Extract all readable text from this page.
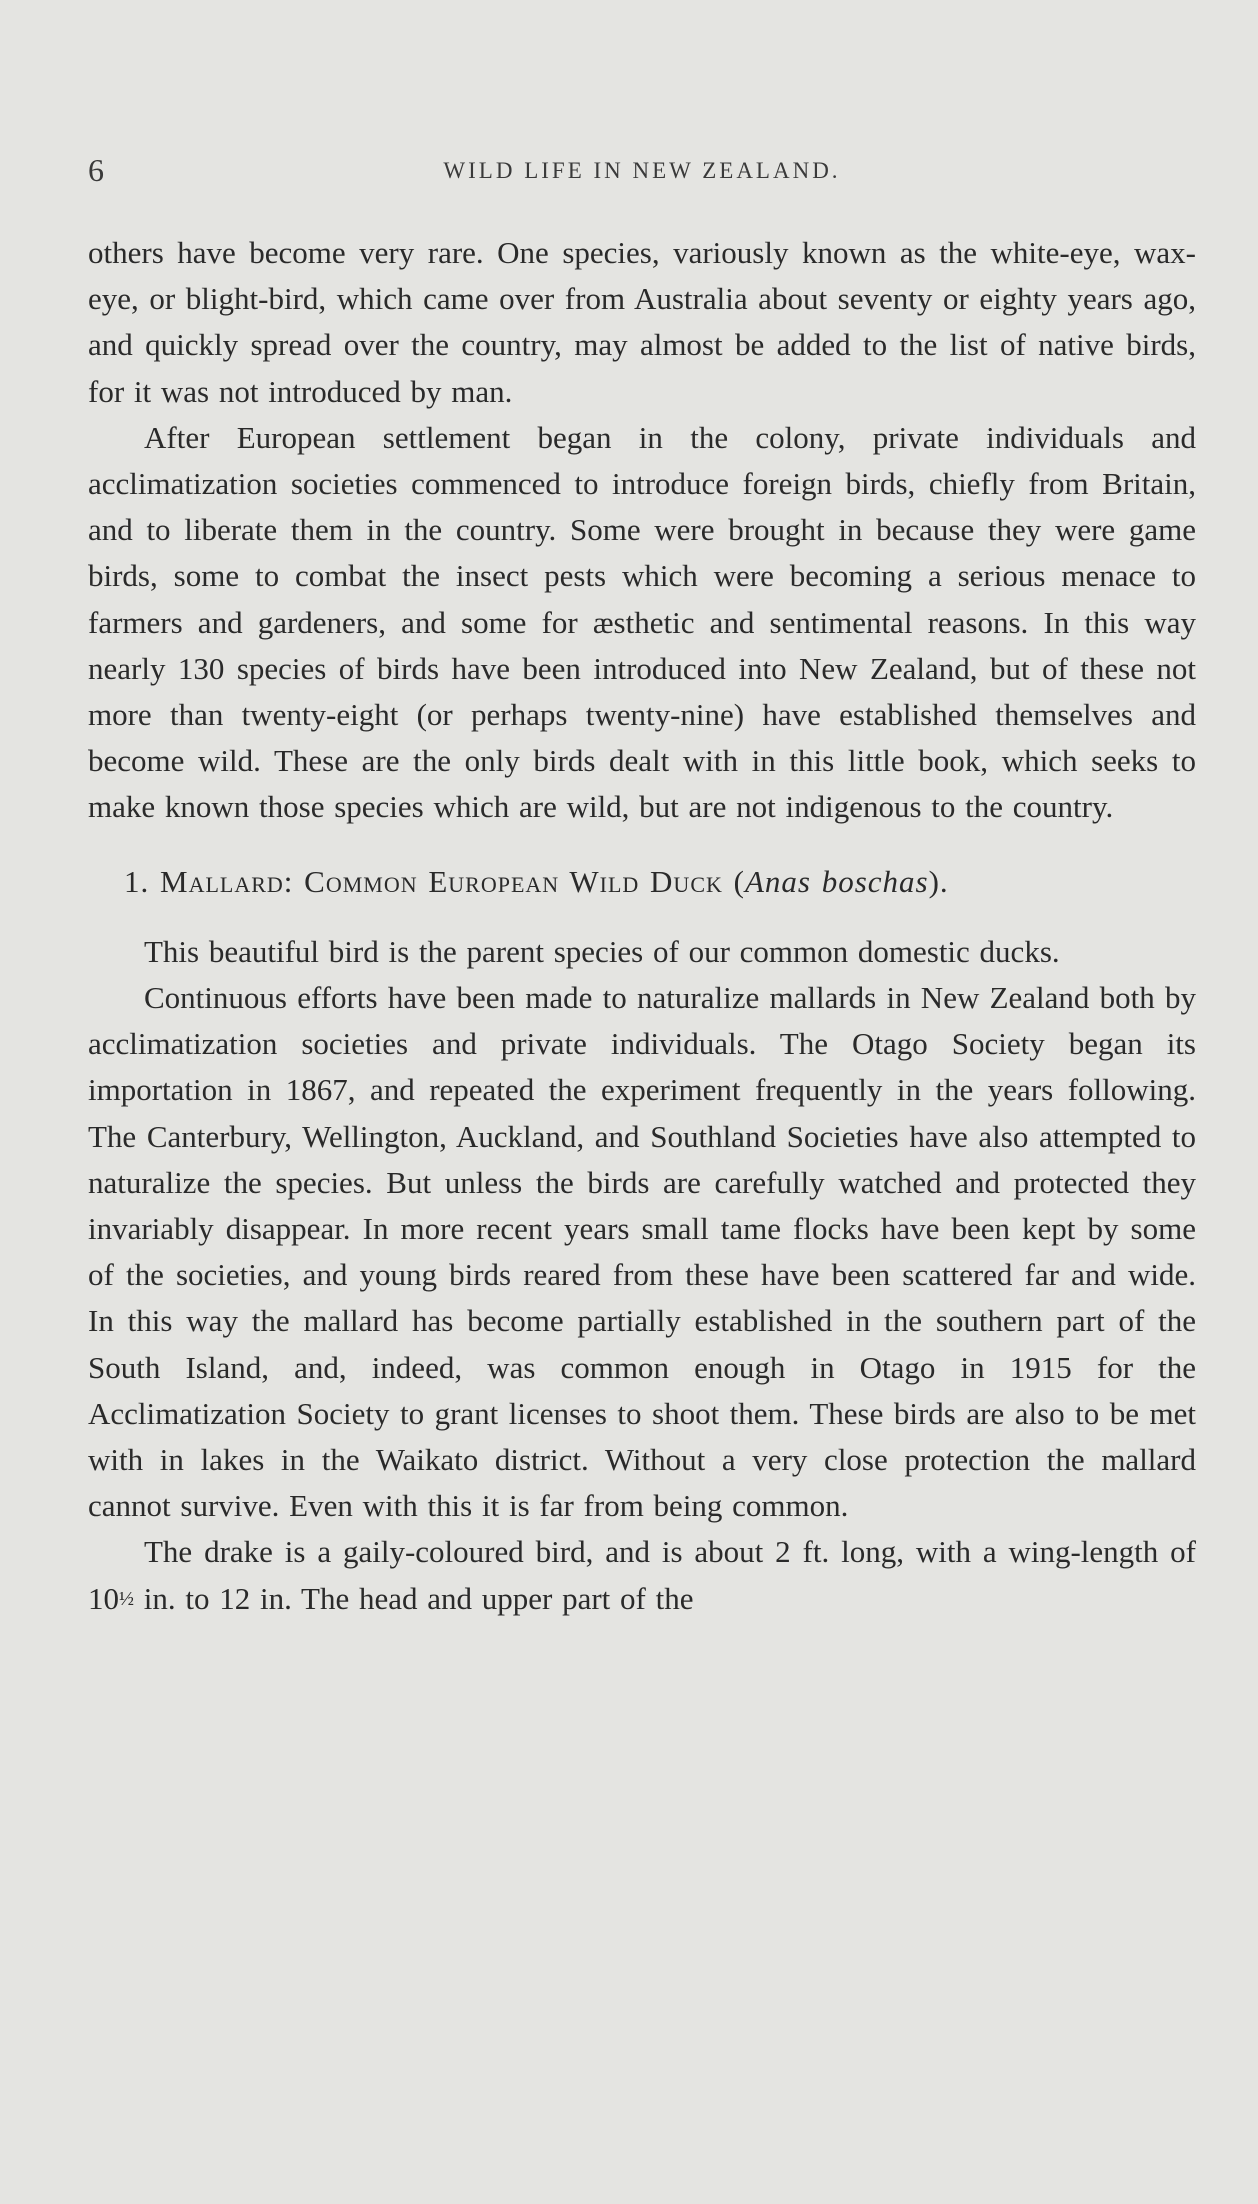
6	WILD LIFE IN NEW ZEALAND.

others have become very rare. One species, variously known as the white-eye, wax-eye, or blight-bird, which came over from Australia about seventy or eighty years ago, and quickly spread over the country, may almost be added to the list of native birds, for it was not introduced by man.

After European settlement began in the colony, private individuals and acclimatization societies commenced to introduce foreign birds, chiefly from Britain, and to liberate them in the country. Some were brought in because they were game birds, some to combat the insect pests which were becoming a serious menace to farmers and gardeners, and some for æsthetic and sentimental reasons. In this way nearly 130 species of birds have been introduced into New Zealand, but of these not more than twenty-eight (or perhaps twenty-nine) have established themselves and become wild. These are the only birds dealt with in this little book, which seeks to make known those species which are wild, but are not indigenous to the country.

1. Mallard: Common European Wild Duck (Anas boschas).

This beautiful bird is the parent species of our common domestic ducks.

Continuous efforts have been made to naturalize mallards in New Zealand both by acclimatization societies and private individuals. The Otago Society began its importation in 1867, and repeated the experiment frequently in the years following. The Canterbury, Wellington, Auckland, and Southland Societies have also attempted to naturalize the species. But unless the birds are carefully watched and protected they invariably disappear. In more recent years small tame flocks have been kept by some of the societies, and young birds reared from these have been scattered far and wide. In this way the mallard has become partially established in the southern part of the South Island, and, indeed, was common enough in Otago in 1915 for the Acclimatization Society to grant licenses to shoot them. These birds are also to be met with in lakes in the Waikato district. Without a very close protection the mallard cannot survive. Even with this it is far from being common.

The drake is a gaily-coloured bird, and is about 2 ft. long, with a wing-length of 10½ in. to 12 in. The head and upper part of the
